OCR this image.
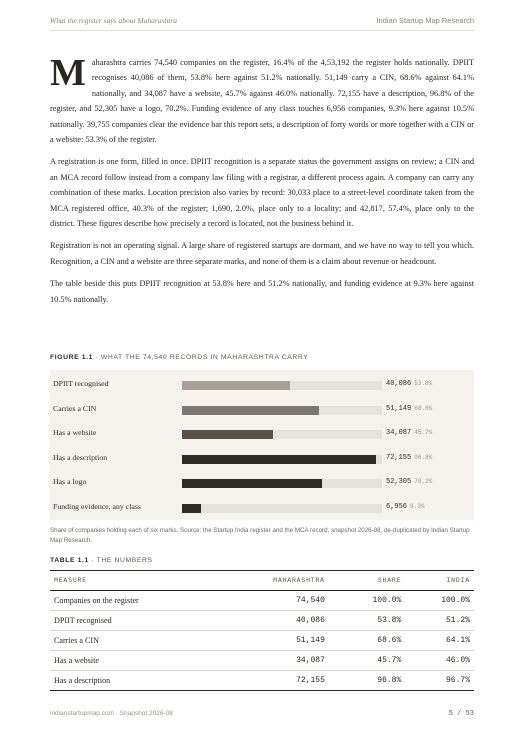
What the register says about Maharashtra	Indian Startup Map Research

Maharashtra carries 74,540 companies on the register, 16.4% of the 4,53,192 the register holds nationally. DPIIT recognises 40,086 of them, 53.8% here against 51.2% nationally. 51,149 carry a CIN, 68.6% against 64.1% nationally, and 34,087 have a website, 45.7% against 46.0% nationally. 72,155 have a description, 96.8% of the register, and 52,305 have a logo, 70.2%. Funding evidence of any class touches 6,956 companies, 9.3% here against 10.5% nationally. 39,755 companies clear the evidence bar this report sets, a description of forty words or more together with a CIN or a website: 53.3% of the register.

A registration is one form, filled in once. DPIIT recognition is a separate status the government assigns on review; a CIN and an MCA record follow instead from a company law filing with a registrar, a different process again. A company can carry any combination of these marks. Location precision also varies by record: 30,033 place to a street-level coordinate taken from the MCA registered office, 40.3% of the register; 1,690, 2.0%, place only to a locality; and 42,817, 57.4%, place only to the district. These figures describe how precisely a record is located, not the business behind it.

Registration is not an operating signal. A large share of registered startups are dormant, and we have no way to tell you which. Recognition, a CIN and a website are three separate marks, and none of them is a claim about revenue or headcount.

The table beside this puts DPIIT recognition at 53.8% here and 51.2% nationally, and funding evidence at 9.3% here against 10.5% nationally.

FIGURE 1.1 · WHAT THE 74,540 RECORDS IN MAHARASHTRA CARRY
DPIIT recognised	40,086 53.8%
Carries a CIN	51,149 68.6%
Has a website	34,087 45.7%
Has a description	72,155 96.8%
Has a logo	52,305 70.2%
Funding evidence, any class	6,956 9.3%
Share of companies holding each of six marks. Source: the Startup India register and the MCA record, snapshot 2026-08, de-duplicated by Indian Startup Map Research.
TABLE 1.1 · THE NUMBERS
MEASURE	MAHARASHTRA	SHARE	INDIA
Companies on the register	74,540	100.0%	100.0%
DPIIT recognised	40,086	53.8%	51.2%
Carries a CIN	51,149	68.6%	64.1%
Has a website	34,087	45.7%	46.0%
Has a description	72,155	96.8%	96.7%
indianstartupmap.com · Snapshot 2026-08	5 / 53
